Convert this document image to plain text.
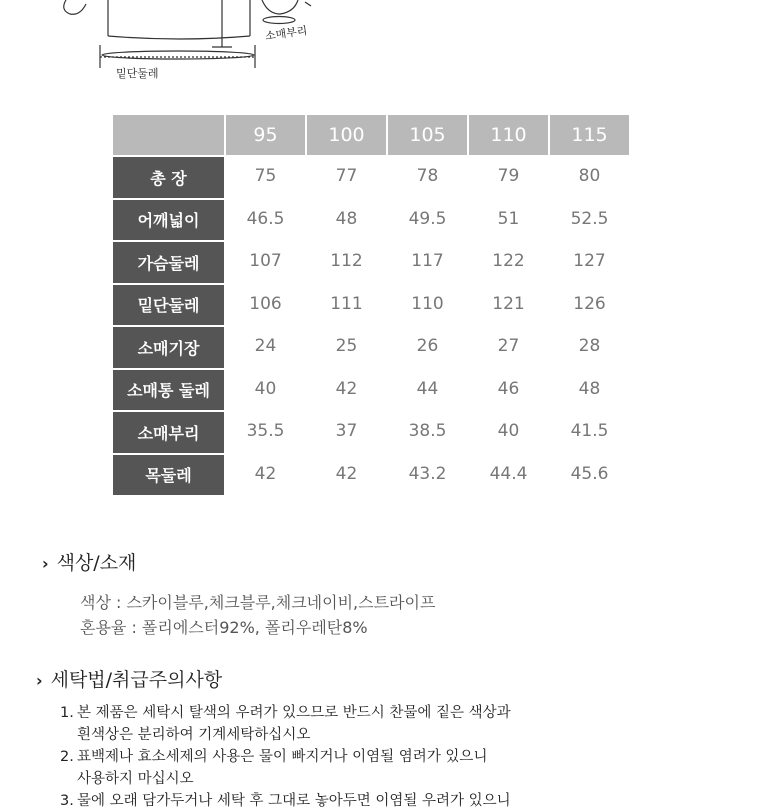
밑단둘레
소매부리
	95	100	105	110	115
총 장	75	77	78	79	80
어깨넓이	46.5	48	49.5	51	52.5
가슴둘레	107	112	117	122	127
밑단둘레	106	111	110	121	126
소매기장	24	25	26	27	28
소매통 둘레	40	42	44	46	48
소매부리	35.5	37	38.5	40	41.5
목둘레	42	42	43.2	44.4	45.6
› 색상/소재
색상 : 스카이블루,체크블루,체크네이비,스트라이프
혼용율 : 폴리에스터92%, 폴리우레탄8%
› 세탁법/취급주의사항
1. 본 제품은 세탁시 탈색의 우려가 있으므로 반드시 찬물에 짙은 색상과
흰색상은 분리하여 기계세탁하십시오
2. 표백제나 효소세제의 사용은 물이 빠지거나 이염될 염려가 있으니
사용하지 마십시오
3. 물에 오래 담가두거나 세탁 후 그대로 놓아두면 이염될 우려가 있으니
